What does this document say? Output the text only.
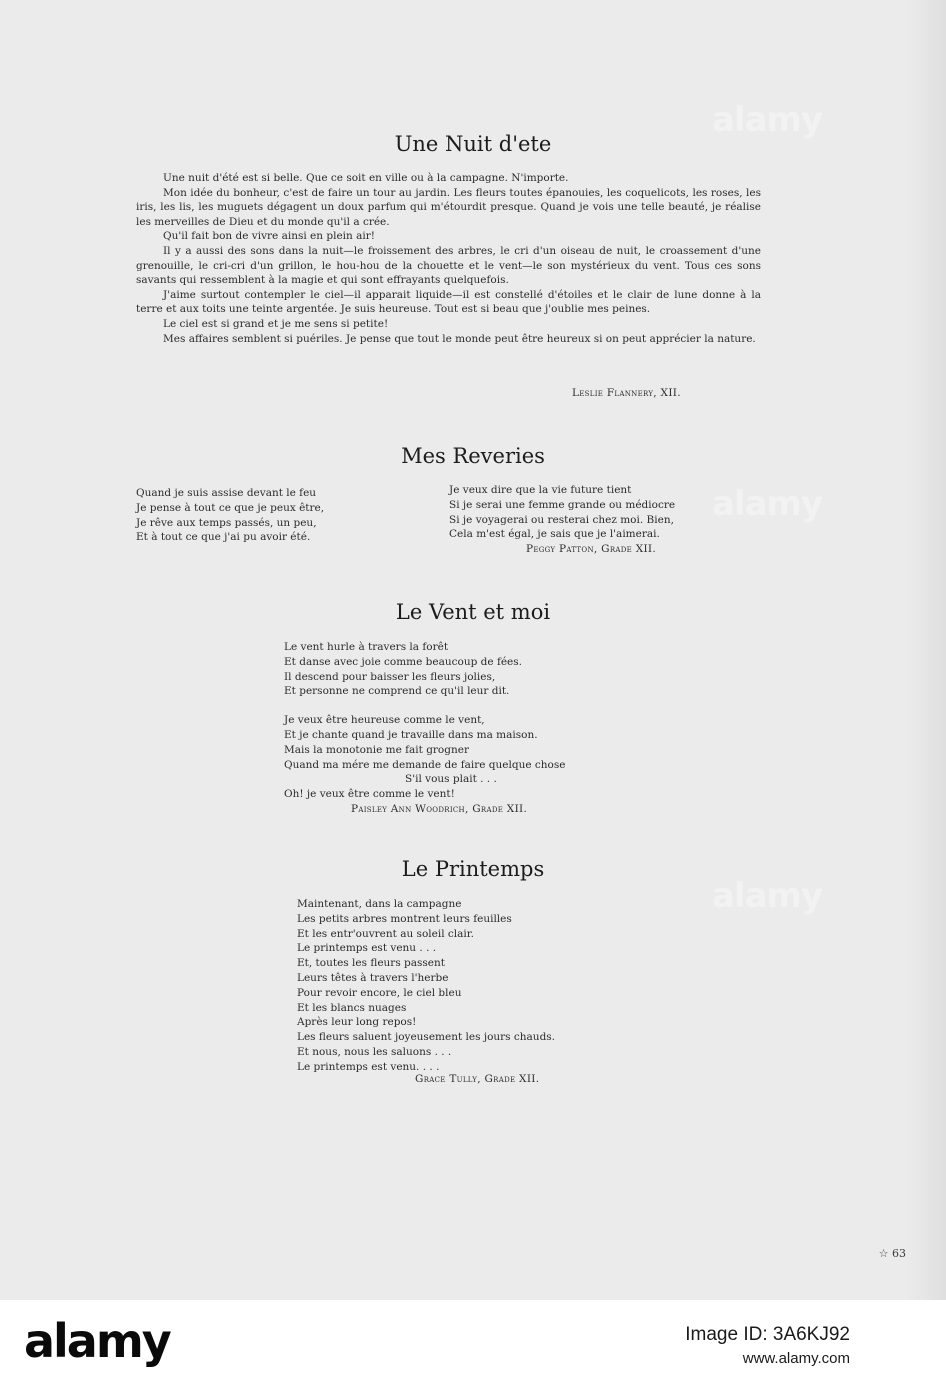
alamy
alamy
alamy
Une Nuit d'ete

Une nuit d'été est si belle. Que ce soit en ville ou à la campagne. N'importe.

Mon idée du bonheur, c'est de faire un tour au jardin. Les fleurs toutes épanouies, les coquelicots, les roses, les iris, les lis, les muguets dégagent un doux parfum qui m'étourdit presque. Quand je vois une telle beauté, je réalise les merveilles de Dieu et du monde qu'il a crée.

Qu'il fait bon de vivre ainsi en plein air!

Il y a aussi des sons dans la nuit—le froissement des arbres, le cri d'un oiseau de nuit, le croassement d'une grenouille, le cri-cri d'un grillon, le hou-hou de la chouette et le vent—le son mystérieux du vent. Tous ces sons savants qui ressemblent à la magie et qui sont effrayants quelquefois.

J'aime surtout contempler le ciel—il apparait liquide—il est constellé d'étoiles et le clair de lune donne à la terre et aux toits une teinte argentée. Je suis heureuse. Tout est si beau que j'oublie mes peines.

Le ciel est si grand et je me sens si petite!

Mes affaires semblent si puériles. Je pense que tout le monde peut être heureux si on peut apprécier la nature.

Leslie Flannery, XII.
Mes Reveries
Quand je suis assise devant le feu
Je pense à tout ce que je peux être,
Je rêve aux temps passés, un peu,
Et à tout ce que j'ai pu avoir été.
Je veux dire que la vie future tient
Si je serai une femme grande ou médiocre
Si je voyagerai ou resterai chez moi. Bien,
Cela m'est égal, je sais que je l'aimerai.
Peggy Patton, Grade XII.
Le Vent et moi
Le vent hurle à travers la forêt
Et danse avec joie comme beaucoup de fées.
Il descend pour baisser les fleurs jolies,
Et personne ne comprend ce qu'il leur dit.
Je veux être heureuse comme le vent,
Et je chante quand je travaille dans ma maison.
Mais la monotonie me fait grogner
Quand ma mére me demande de faire quelque chose
S'il vous plait . . .
Oh! je veux être comme le vent!
Paisley Ann Woodrich, Grade XII.
Le Printemps
Maintenant, dans la campagne
Les petits arbres montrent leurs feuilles
Et les entr'ouvrent au soleil clair.
Le printemps est venu . . .
Et, toutes les fleurs passent
Leurs têtes à travers l'herbe
Pour revoir encore, le ciel bleu
Et les blancs nuages
Après leur long repos!
Les fleurs saluent joyeusement les jours chauds.
Et nous, nous les saluons . . .
Le printemps est venu. . . .
Grace Tully, Grade XII.
☆ 63
alamy	Image ID: 3A6KJ92
www.alamy.com
